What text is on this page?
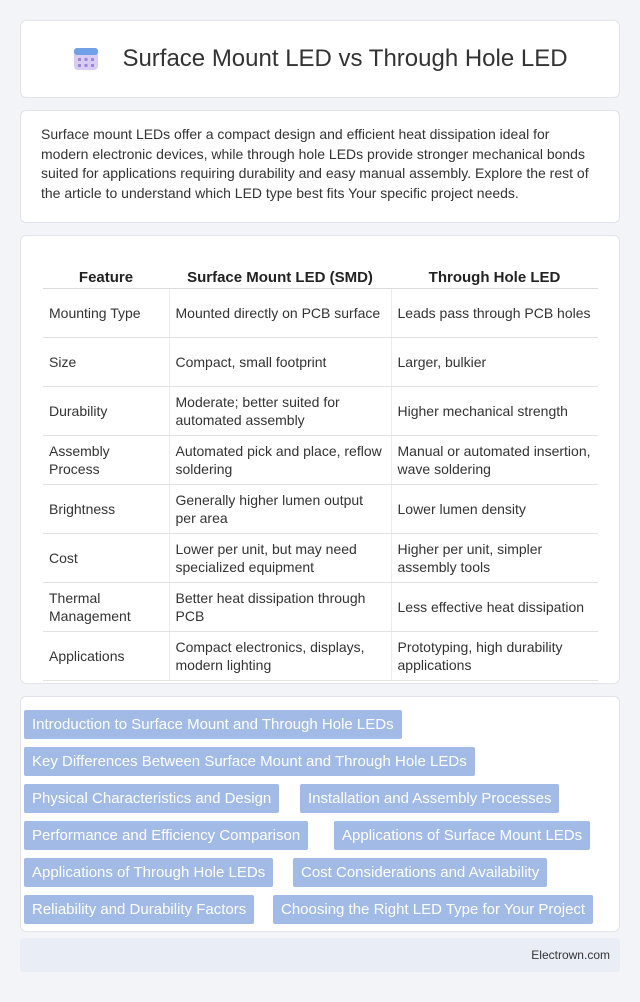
Surface Mount LED vs Through Hole LED

Surface mount LEDs offer a compact design and efficient heat dissipation ideal for modern electronic devices, while through hole LEDs provide stronger mechanical bonds suited for applications requiring durability and easy manual assembly. Explore the rest of the article to understand which LED type best fits Your specific project needs.

Feature	Surface Mount LED (SMD)	Through Hole LED
Mounting Type	Mounted directly on PCB surface	Leads pass through PCB holes
Size	Compact, small footprint	Larger, bulkier
Durability	Moderate; better suited for automated assembly	Higher mechanical strength
Assembly Process	Automated pick and place, reflow soldering	Manual or automated insertion, wave soldering
Brightness	Generally higher lumen output per area	Lower lumen density
Cost	Lower per unit, but may need specialized equipment	Higher per unit, simpler assembly tools
Thermal Management	Better heat dissipation through PCB	Less effective heat dissipation
Applications	Compact electronics, displays, modern lighting	Prototyping, high durability applications
Introduction to Surface Mount and Through Hole LEDs
Key Differences Between Surface Mount and Through Hole LEDs
Physical Characteristics and Design	Installation and Assembly Processes
Performance and Efficiency Comparison	Applications of Surface Mount LEDs
Applications of Through Hole LEDs	Cost Considerations and Availability
Reliability and Durability Factors	Choosing the Right LED Type for Your Project
Electrown.com
